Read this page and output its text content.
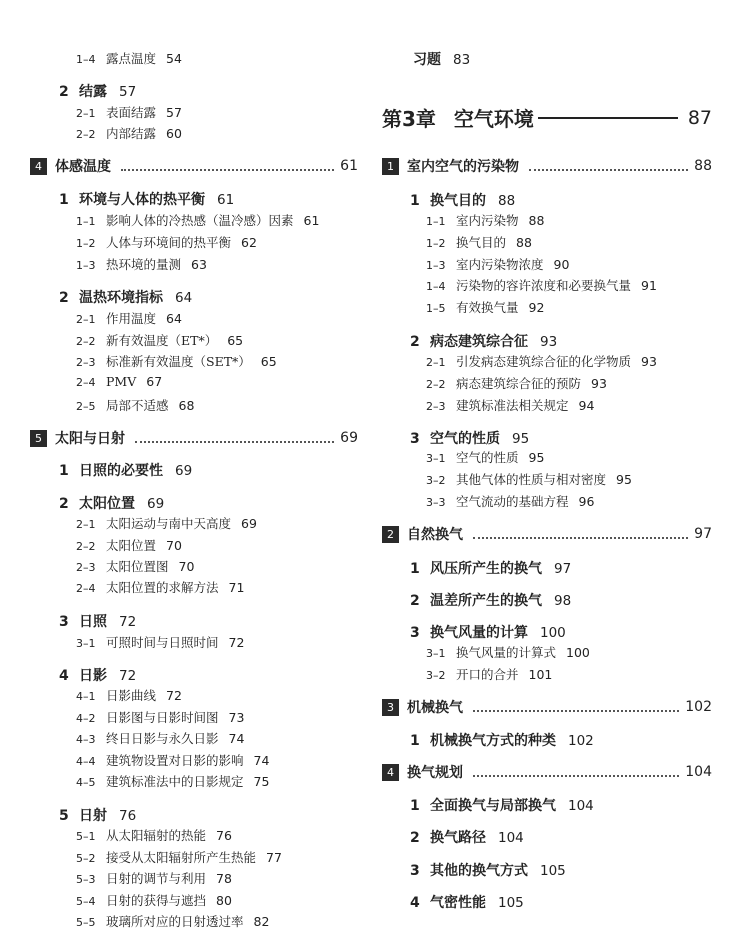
1–4 露点温度 54
2 结露 57
2–1 表面结露 57
2–2 内部结露 60
4 体感温度	61
1 环境与人体的热平衡 61
1–1 影响人体的冷热感（温冷感）因素 61
1–2 人体与环境间的热平衡 62
1–3 热环境的量测 63
2 温热环境指标 64
2–1 作用温度 64
2–2 新有效温度（ET*） 65
2–3 标准新有效温度（SET*） 65
2–4 PMV 67
2–5 局部不适感 68
5 太阳与日射	69
1 日照的必要性 69
2 太阳位置 69
2–1 太阳运动与南中天高度 69
2–2 太阳位置 70
2–3 太阳位置图 70
2–4 太阳位置的求解方法 71
3 日照 72
3–1 可照时间与日照时间 72
4 日影 72
4–1 日影曲线 72
4–2 日影图与日影时间图 73
4–3 终日日影与永久日影 74
4–4 建筑物设置对日影的影响 74
4–5 建筑标准法中的日影规定 75
5 日射 76
5–1 从太阳辐射的热能 76
5–2 接受从太阳辐射所产生热能 77
5–3 日射的调节与利用 78
5–4 日射的获得与遮挡 80
5–5 玻璃所对应的日射透过率 82
习题 83
第3章 空气环境	87
1 室内空气的污染物	88
1 换气目的 88
1–1 室内污染物 88
1–2 换气目的 88
1–3 室内污染物浓度 90
1–4 污染物的容许浓度和必要换气量 91
1–5 有效换气量 92
2 病态建筑综合征 93
2–1 引发病态建筑综合征的化学物质 93
2–2 病态建筑综合征的预防 93
2–3 建筑标准法相关规定 94
3 空气的性质 95
3–1 空气的性质 95
3–2 其他气体的性质与相对密度 95
3–3 空气流动的基础方程 96
2 自然换气	97
1 风压所产生的换气 97
2 温差所产生的换气 98
3 换气风量的计算 100
3–1 换气风量的计算式 100
3–2 开口的合并 101
3 机械换气	102
1 机械换气方式的种类 102
4 换气规划	104
1 全面换气与局部换气 104
2 换气路径 104
3 其他的换气方式 105
4 气密性能 105
